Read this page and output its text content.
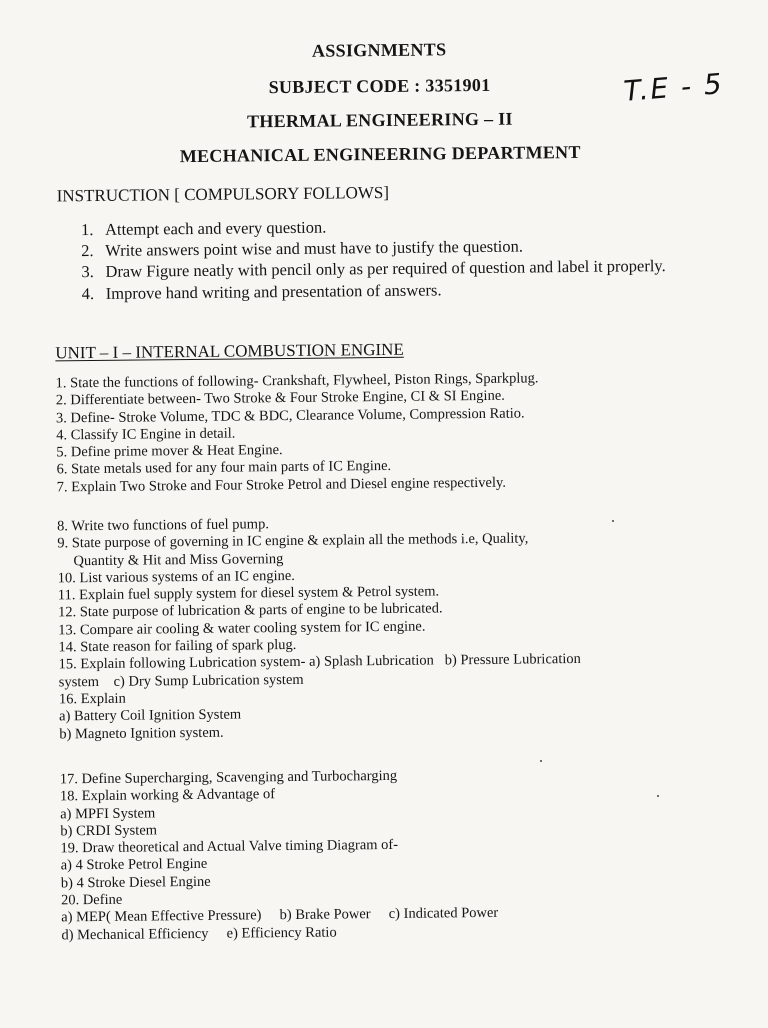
ASSIGNMENTS
SUBJECT CODE : 3351901
THERMAL ENGINEERING – II
MECHANICAL ENGINEERING DEPARTMENT
T.E - 5
INSTRUCTION [ COMPULSORY FOLLOWS]
1. Attempt each and every question.
2. Write answers point wise and must have to justify the question.
3. Draw Figure neatly with pencil only as per required of question and label it properly.
4. Improve hand writing and presentation of answers.
UNIT – I – INTERNAL COMBUSTION ENGINE
1. State the functions of following- Crankshaft, Flywheel, Piston Rings, Sparkplug.
2. Differentiate between- Two Stroke & Four Stroke Engine, CI & SI Engine.
3. Define- Stroke Volume, TDC & BDC, Clearance Volume, Compression Ratio.
4. Classify IC Engine in detail.
5. Define prime mover & Heat Engine.
6. State metals used for any four main parts of IC Engine.
7. Explain Two Stroke and Four Stroke Petrol and Diesel engine respectively.
8. Write two functions of fuel pump.
9. State purpose of governing in IC engine & explain all the methods i.e, Quality,
Quantity & Hit and Miss Governing
10. List various systems of an IC engine.
11. Explain fuel supply system for diesel system & Petrol system.
12. State purpose of lubrication & parts of engine to be lubricated.
13. Compare air cooling & water cooling system for IC engine.
14. State reason for failing of spark plug.
15. Explain following Lubrication system- a) Splash Lubrication   b) Pressure Lubrication
system    c) Dry Sump Lubrication system
16. Explain
a) Battery Coil Ignition System
b) Magneto Ignition system.
17. Define Supercharging, Scavenging and Turbocharging
18. Explain working & Advantage of
a) MPFI System
b) CRDI System
19. Draw theoretical and Actual Valve timing Diagram of-
a) 4 Stroke Petrol Engine
b) 4 Stroke Diesel Engine
20. Define
a) MEP( Mean Effective Pressure)     b) Brake Power     c) Indicated Power
d) Mechanical Efficiency     e) Efficiency Ratio
